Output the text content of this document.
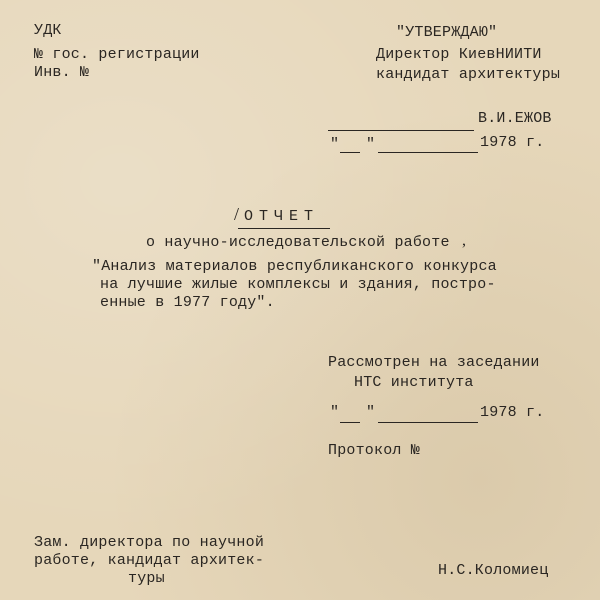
УДК
№ гос. регистрации
Инв. №
"УТВЕРЖДАЮ"
Директор КиевНИИТИ
кандидат архитектуры
В.И.ЕЖОВ
" "	1978 г.
/ ОТЧЕТ
о научно-исследовательской работе ,
"Анализ материалов республиканского конкурса
на лучшие жилые комплексы и здания, постро-
енные в 1977 году".
Рассмотрен на заседании
НТС института
" "	1978 г.
Протокол №
Зам. директора по научной
работе, кандидат архитек-
туры	Н.С.Коломиец
